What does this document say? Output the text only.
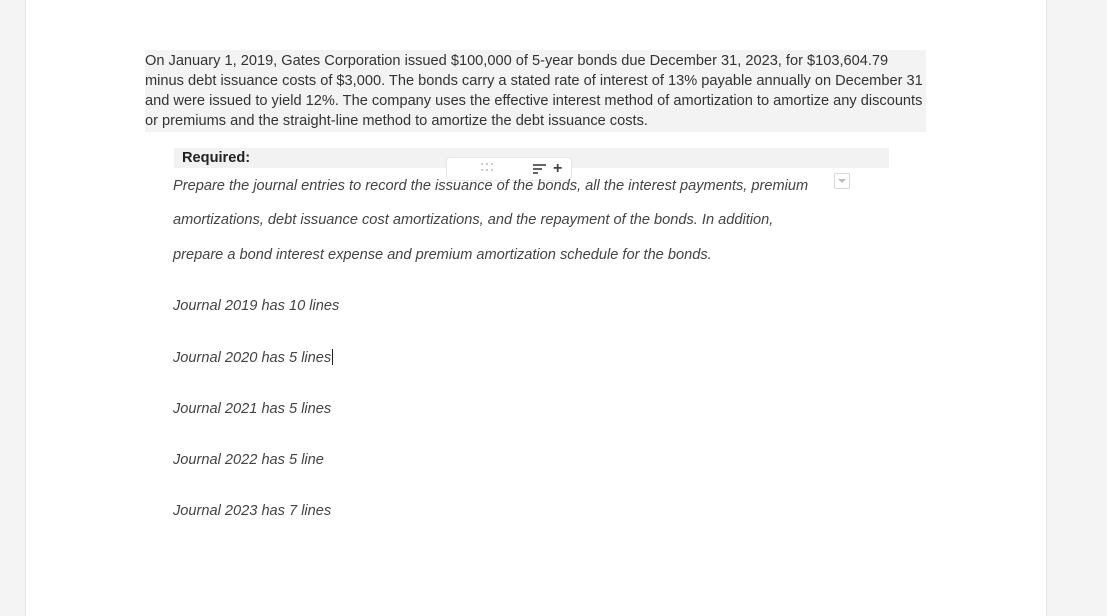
On January 1, 2019, Gates Corporation issued $100,000 of 5-year bonds due December 31, 2023, for $103,604.79 minus debt issuance costs of $3,000. The bonds carry a stated rate of interest of 13% payable annually on December 31 and were issued to yield 12%. The company uses the effective interest method of amortization to amortize any discounts or premiums and the straight-line method to amortize the debt issuance costs.
Required:
+
Prepare the journal entries to record the issuance of the bonds, all the interest payments, premium
amortizations, debt issuance cost amortizations, and the repayment of the bonds. In addition,
prepare a bond interest expense and premium amortization schedule for the bonds.
Journal 2019 has 10 lines
Journal 2020 has 5 lines
Journal 2021 has 5 lines
Journal 2022 has 5 line
Journal 2023 has 7 lines
